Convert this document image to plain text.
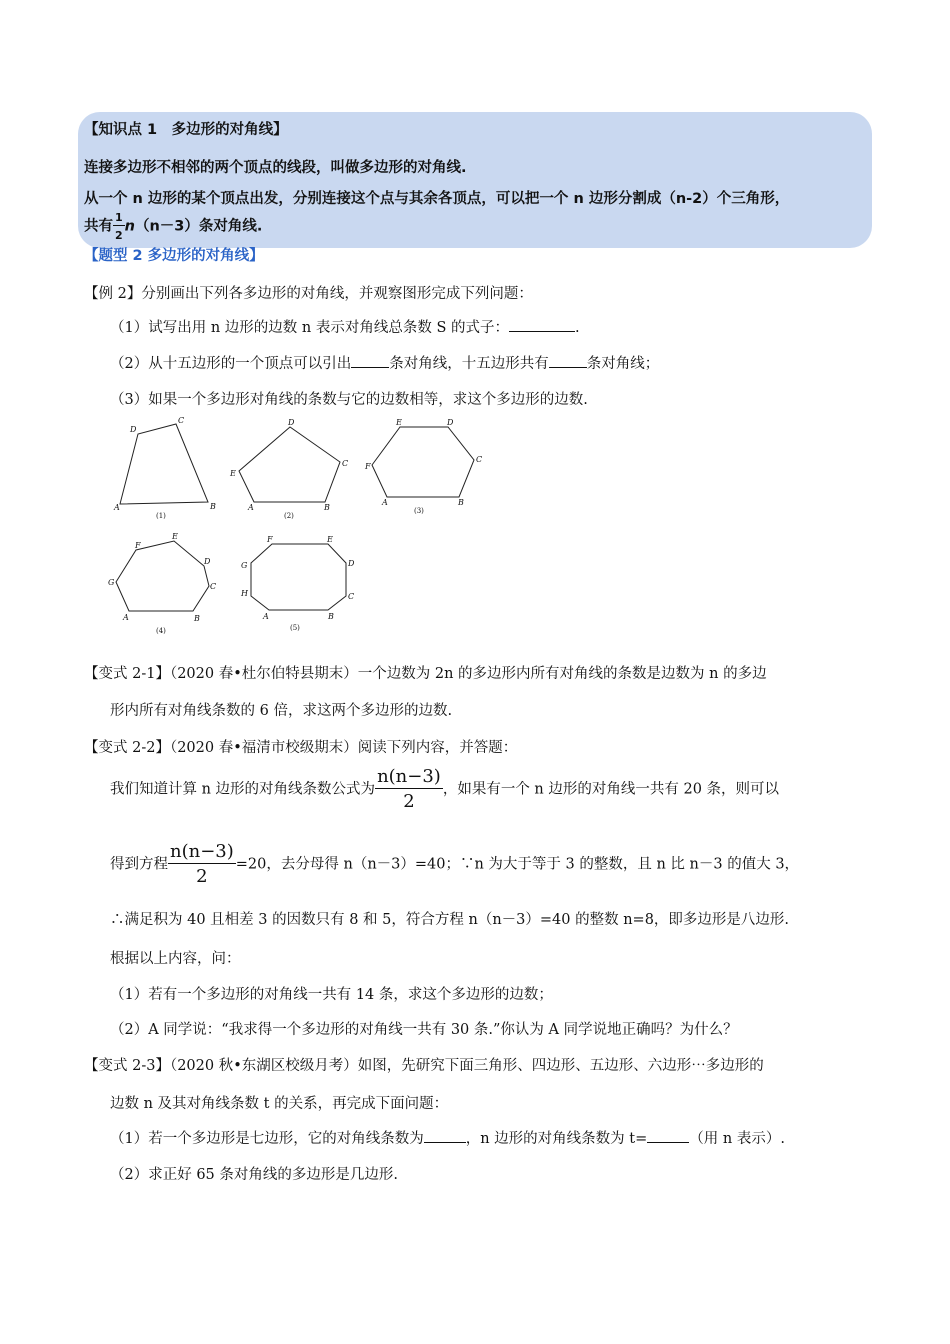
【知识点 1　多边形的对角线】
连接多边形不相邻的两个顶点的线段，叫做多边形的对角线.
从一个 n 边形的某个顶点出发，分别连接这个点与其余各顶点，可以把一个 n 边形分割成（n-2）个三角形，
共有 $\frac{1}{2} n(n-3)$条对角线.
【题型 2 多边形的对角线】
【例 2】分别画出下列各多边形的对角线，并观察图形完成下列问题：
（1）试写出用 n 边形的边数 n 表示对角线总条数 S 的式子：	.
（2）从十五边形的一个顶点可以引出	条对角线，十五边形共有	条对角线；
（3）如果一个多边形对角线的条数与它的边数相等，求这个多边形的边数.
A	B
C
D
(1)
A	B
C
D
E
(2)
A	B
C
D
E
F
(3)
A	B
C
D
E
F
G
(4)
A	B
C
D
E
F
G
H
(5)
【变式 2-1】（2020 春•杜尔伯特县期末）一个边数为 2n 的多边形内所有对角线的条数是边数为 n 的多边
形内所有对角线条数的 6 倍，求这两个多边形的边数.
【变式 2-2】（2020 春•福清市校级期末）阅读下列内容，并答题：
我们知道计算 n 边形的对角线条数公式为 $\frac{n(n-3)}{2}$ ，如果有一个 n 边形的对角线一共有 20 条，则可以
得到方程 $\frac{n(n-3)}{2} =20$，去分母得 n（n－3）=40；∵n 为大于等于 3 的整数，且 n 比 n－3 的值大 3，
∴满足积为 40 且相差 3 的因数只有 8 和 5，符合方程 n（n－3）=40 的整数 n=8，即多边形是八边形.
根据以上内容，问：
（1）若有一个多边形的对角线一共有 14 条，求这个多边形的边数；
（2）A 同学说：“我求得一个多边形的对角线一共有 30 条.”你认为 A 同学说地正确吗？为什么？
【变式 2-3】（2020 秋•东湖区校级月考）如图，先研究下面三角形、四边形、五边形、六边形⋯多边形的
边数 n 及其对角线条数 t 的关系，再完成下面问题：
（1）若一个多边形是七边形，它的对角线条数为	，n 边形的对角线条数为 t=	（用 n 表示）.
（2）求正好 65 条对角线的多边形是几边形.
